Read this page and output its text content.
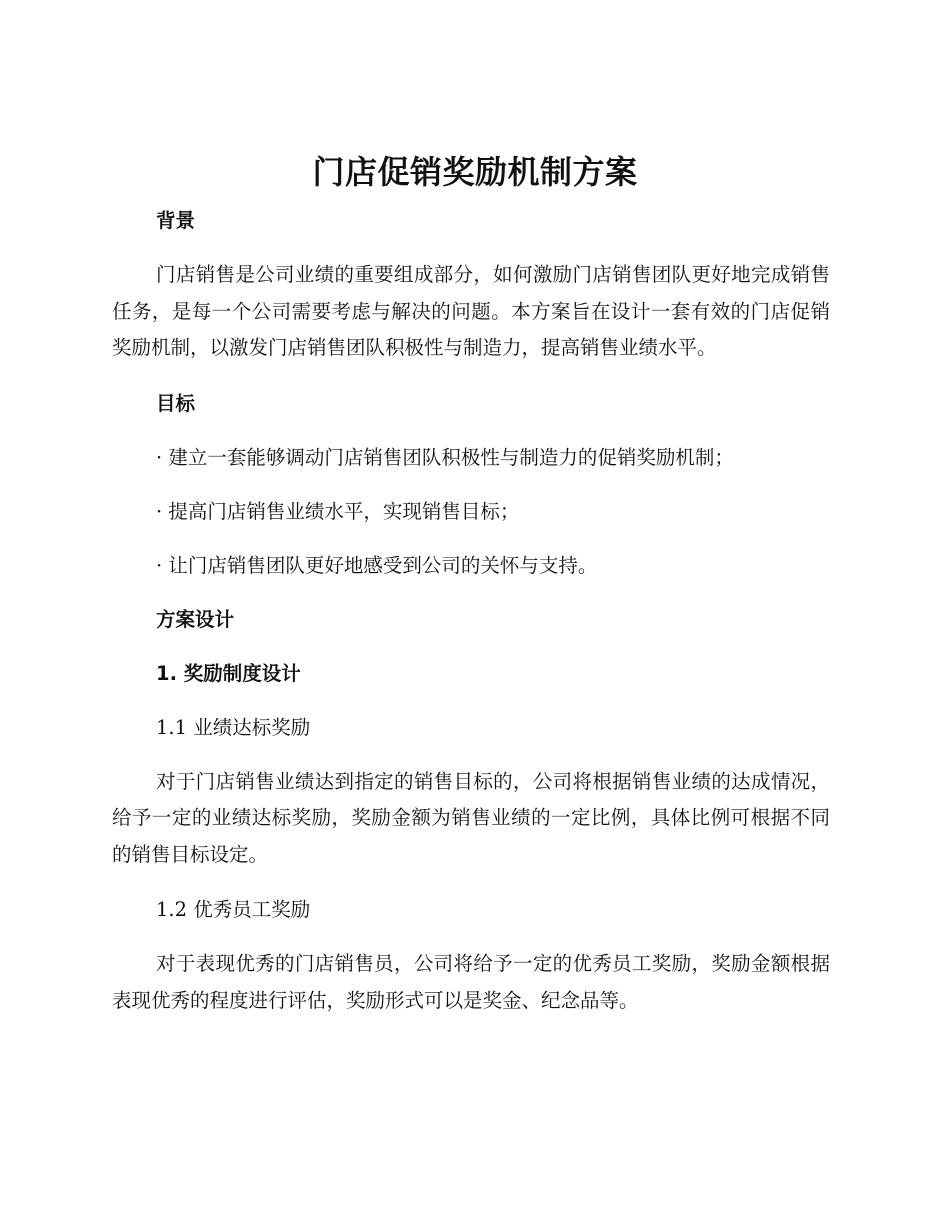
门店促销奖励机制方案

背景

门店销售是公司业绩的重要组成部分，如何激励门店销售团队更好地完成销售任务，是每一个公司需要考虑与解决的问题。本方案旨在设计一套有效的门店促销奖励机制，以激发门店销售团队积极性与制造力，提高销售业绩水平。

目标

· 建立一套能够调动门店销售团队积极性与制造力的促销奖励机制；

· 提高门店销售业绩水平，实现销售目标；

· 让门店销售团队更好地感受到公司的关怀与支持。

方案设计

1. 奖励制度设计

1.1 业绩达标奖励

对于门店销售业绩达到指定的销售目标的，公司将根据销售业绩的达成情况，给予一定的业绩达标奖励，奖励金额为销售业绩的一定比例，具体比例可根据不同的销售目标设定。

1.2 优秀员工奖励

对于表现优秀的门店销售员，公司将给予一定的优秀员工奖励，奖励金额根据表现优秀的程度进行评估，奖励形式可以是奖金、纪念品等。
